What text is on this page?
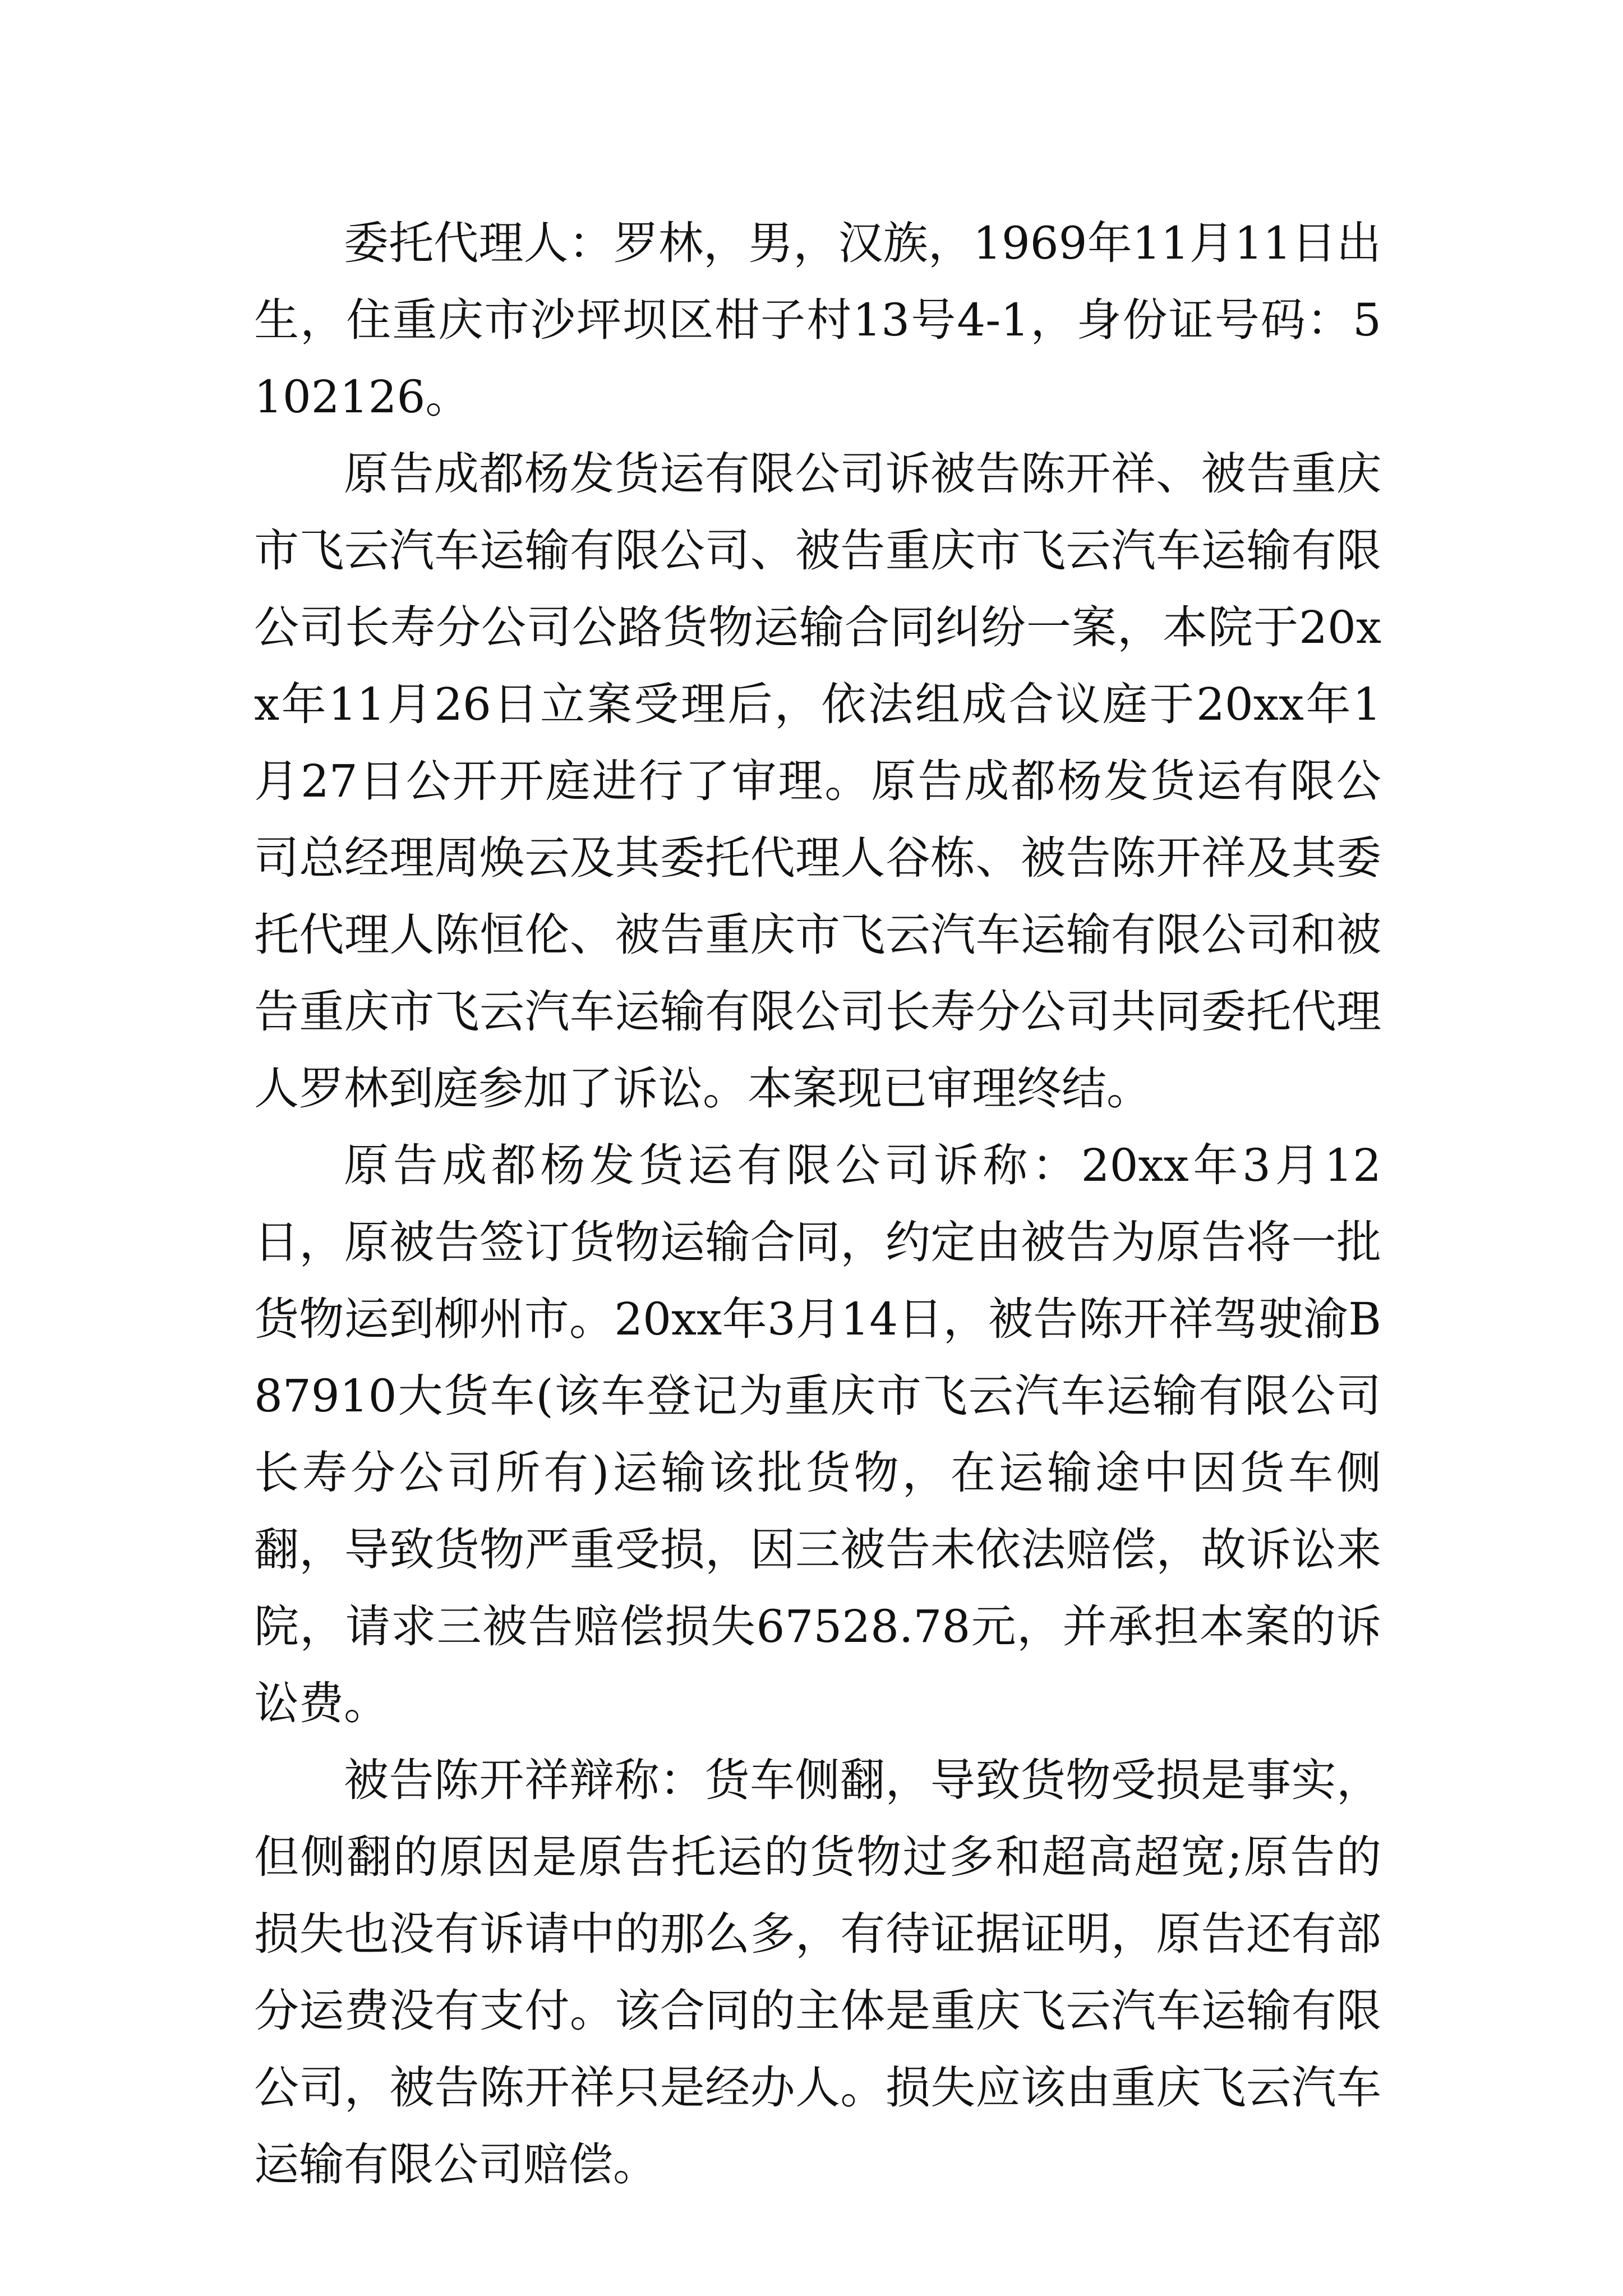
委托代理人：罗林，男，汉族，1969年11月11日出生，住重庆市沙坪坝区柑子村13号4-1，身份证号码：5102126。

原告成都杨发货运有限公司诉被告陈开祥、被告重庆市飞云汽车运输有限公司、被告重庆市飞云汽车运输有限公司长寿分公司公路货物运输合同纠纷一案，本院于20xx年11月26日立案受理后，依法组成合议庭于20xx年1月27日公开开庭进行了审理。原告成都杨发货运有限公司总经理周焕云及其委托代理人谷栋、被告陈开祥及其委托代理人陈恒伦、被告重庆市飞云汽车运输有限公司和被告重庆市飞云汽车运输有限公司长寿分公司共同委托代理人罗林到庭参加了诉讼。本案现已审理终结。

原告成都杨发货运有限公司诉称：20xx年3月12日，原被告签订货物运输合同，约定由被告为原告将一批货物运到柳州市。20xx年3月14日，被告陈开祥驾驶渝B87910大货车(该车登记为重庆市飞云汽车运输有限公司长寿分公司所有)运输该批货物，在运输途中因货车侧翻，导致货物严重受损，因三被告未依法赔偿，故诉讼来院，请求三被告赔偿损失67528.78元，并承担本案的诉讼费。

被告陈开祥辩称：货车侧翻，导致货物受损是事实，但侧翻的原因是原告托运的货物过多和超高超宽;原告的损失也没有诉请中的那么多，有待证据证明，原告还有部分运费没有支付。该合同的主体是重庆飞云汽车运输有限公司，被告陈开祥只是经办人。损失应该由重庆飞云汽车运输有限公司赔偿。
